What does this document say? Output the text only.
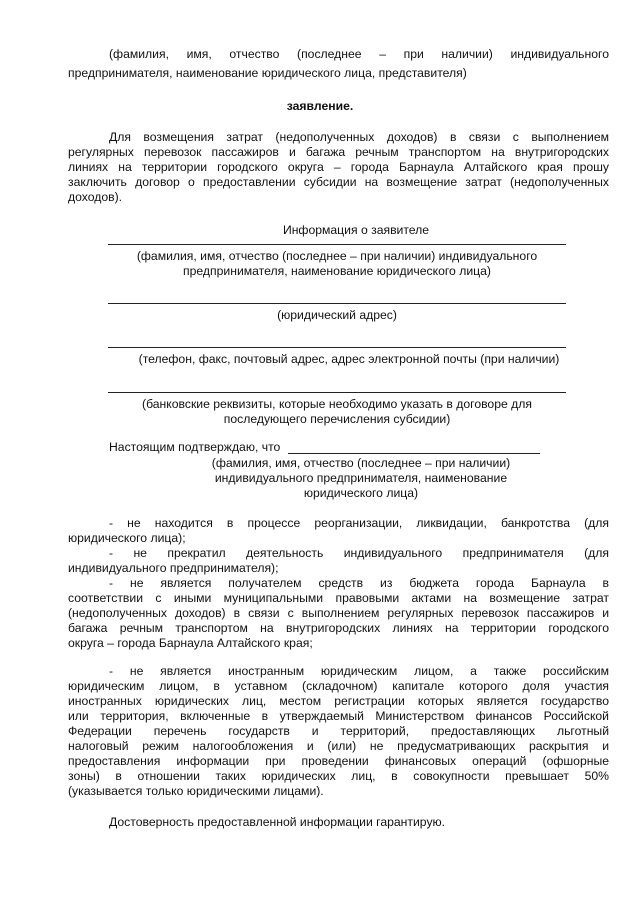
(фамилия, имя, отчество (последнее – при наличии) индивидуального
предпринимателя, наименование юридического лица, представителя)
заявление.
Для возмещения затрат (недополученных доходов) в связи с выполнением
регулярных перевозок пассажиров и багажа речным транспортом на внутригородских
линиях на территории городского округа – города Барнаула Алтайского края прошу
заключить договор о предоставлении субсидии на возмещение затрат (недополученных
доходов).
Информация о заявителе
(фамилия, имя, отчество (последнее – при наличии) индивидуального
предпринимателя, наименование юридического лица)
(юридический адрес)
(телефон, факс, почтовый адрес, адрес электронной почты (при наличии)
(банковские реквизиты, которые необходимо указать в договоре для
последующего перечисления субсидии)
Настоящим подтверждаю, что
(фамилия, имя, отчество (последнее – при наличии)
индивидуального предпринимателя, наименование
юридического лица)
- не находится в процессе реорганизации, ликвидации, банкротства (для
юридического лица);
- не прекратил деятельность индивидуального предпринимателя (для
индивидуального предпринимателя);
- не является получателем средств из бюджета города Барнаула в
соответствии с иными муниципальными правовыми актами на возмещение затрат
(недополученных доходов) в связи с выполнением регулярных перевозок пассажиров и
багажа речным транспортом на внутригородских линиях на территории городского
округа – города Барнаула Алтайского края;
- не является иностранным юридическим лицом, а также российским
юридическим лицом, в уставном (складочном) капитале которого доля участия
иностранных юридических лиц, местом регистрации которых является государство
или территория, включенные в утверждаемый Министерством финансов Российской
Федерации перечень государств и территорий, предоставляющих льготный
налоговый режим налогообложения и (или) не предусматривающих раскрытия и
предоставления информации при проведении финансовых операций (офшорные
зоны) в отношении таких юридических лиц, в совокупности превышает 50%
(указывается только юридическими лицами).
Достоверность предоставленной информации гарантирую.
